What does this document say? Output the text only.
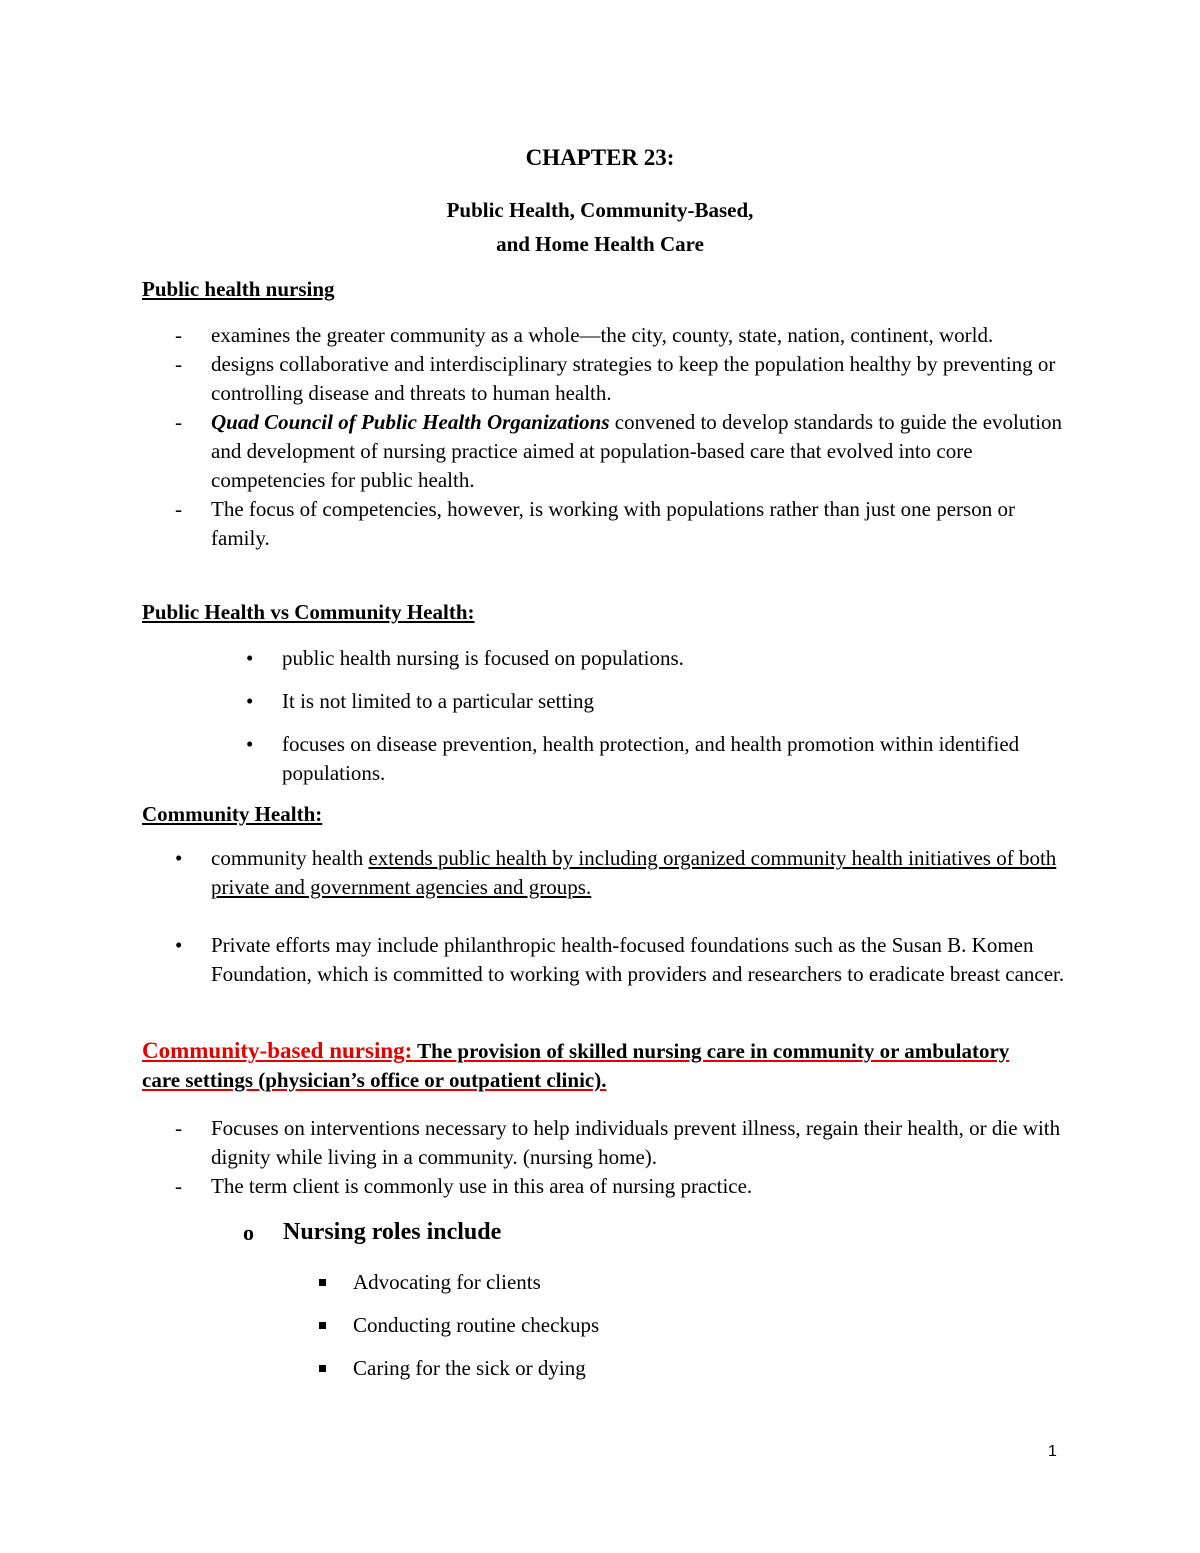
CHAPTER 23:
Public Health, Community-Based,
and Home Health Care
Public health nursing
- examines the greater community as a whole—the city, county, state, nation, continent, world.
- designs collaborative and interdisciplinary strategies to keep the population healthy by preventing or controlling disease and threats to human health.
- Quad Council of Public Health Organizations convened to develop standards to guide the evolution and development of nursing practice aimed at population-based care that evolved into core competencies for public health.
- The focus of competencies, however, is working with populations rather than just one person or family.
Public Health vs Community Health:
• public health nursing is focused on populations.
• It is not limited to a particular setting
• focuses on disease prevention, health protection, and health promotion within identified populations.
Community Health:
• community health extends public health by including organized community health initiatives of both private and government agencies and groups.
• Private efforts may include philanthropic health-focused foundations such as the Susan B. Komen Foundation, which is committed to working with providers and researchers to eradicate breast cancer.
Community-based nursing: The provision of skilled nursing care in community or ambulatory care settings (physician’s office or outpatient clinic).
- Focuses on interventions necessary to help individuals prevent illness, regain their health, or die with dignity while living in a community. (nursing home).
- The term client is commonly use in this area of nursing practice.
o Nursing roles include
Advocating for clients
Conducting routine checkups
Caring for the sick or dying
1
